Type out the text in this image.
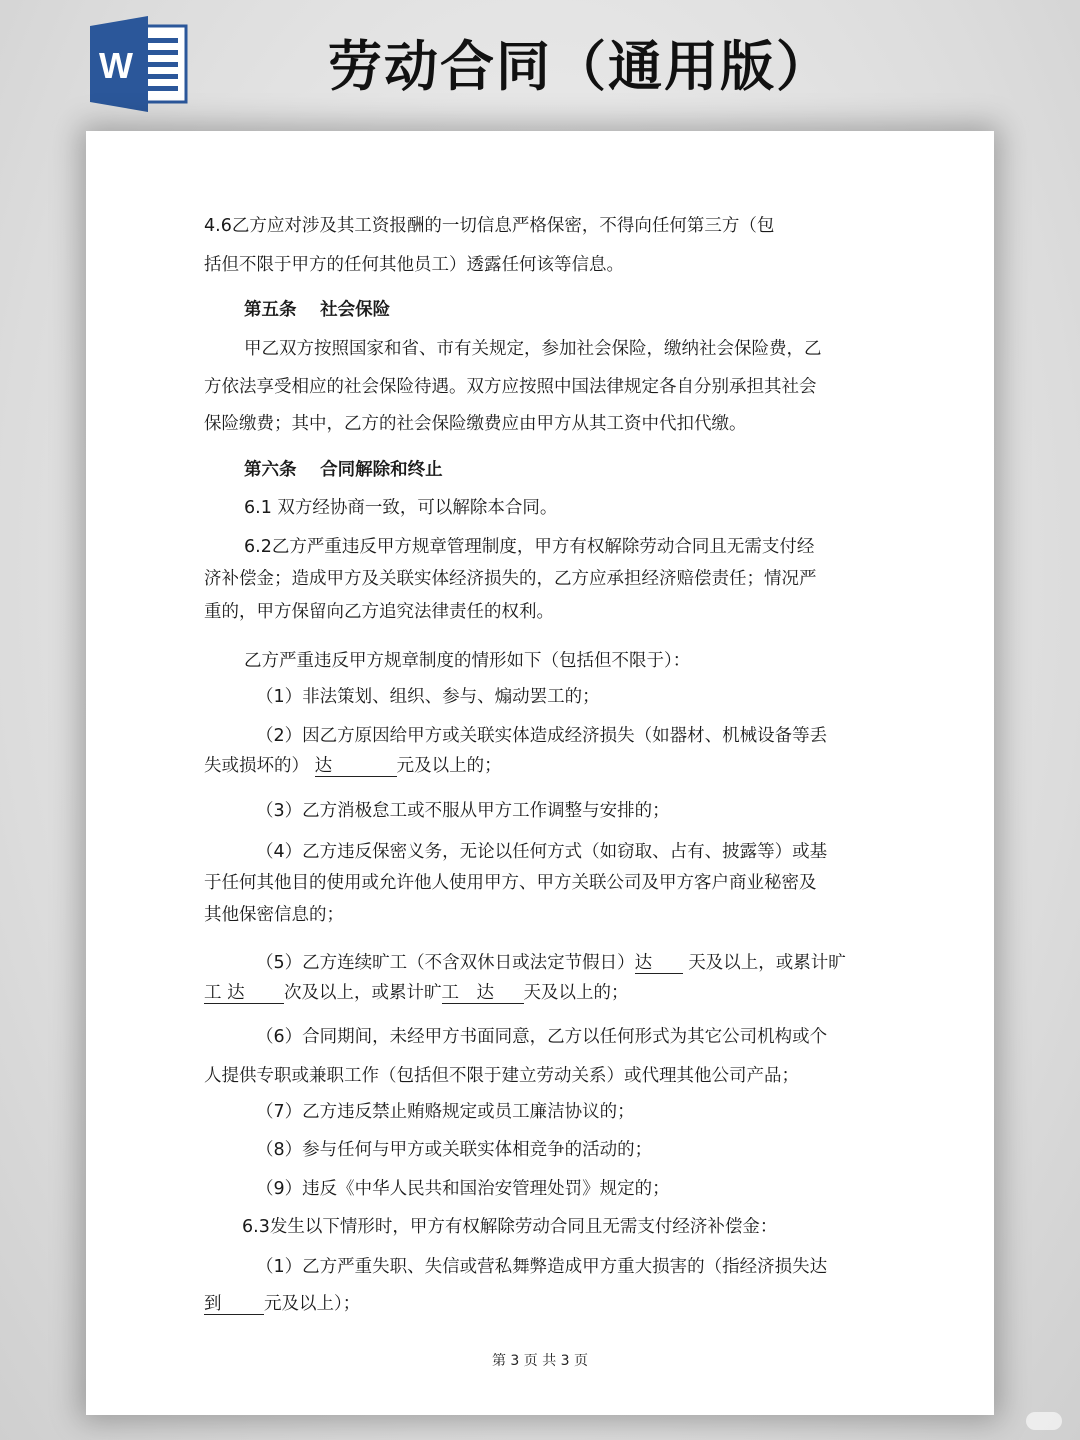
W	劳动合同（通用版）
4.6乙方应对涉及其工资报酬的一切信息严格保密，不得向任何第三方（包
括但不限于甲方的任何其他员工）透露任何该等信息。
第五条　 社会保险
甲乙双方按照国家和省、市有关规定，参加社会保险，缴纳社会保险费，乙
方依法享受相应的社会保险待遇。双方应按照中国法律规定各自分别承担其社会
保险缴费；其中，乙方的社会保险缴费应由甲方从其工资中代扣代缴。
第六条　 合同解除和终止
6.1 双方经协商一致，可以解除本合同。
6.2乙方严重违反甲方规章管理制度，甲方有权解除劳动合同且无需支付经
济补偿金；造成甲方及关联实体经济损失的，乙方应承担经济赔偿责任；情况严
重的，甲方保留向乙方追究法律责任的权利。
乙方严重违反甲方规章制度的情形如下（包括但不限于）：
（1）非法策划、组织、参与、煽动罢工的；
（2）因乙方原因给甲方或关联实体造成经济损失（如器材、机械设备等丢
失或损坏的） 达	元及以上的；
（3）乙方消极怠工或不服从甲方工作调整与安排的；
（4）乙方违反保密义务，无论以任何方式（如窃取、占有、披露等）或基
于任何其他目的使用或允许他人使用甲方、甲方关联公司及甲方客户商业秘密及
其他保密信息的；
（5）乙方连续旷工（不含双休日或法定节假日）达 天及以上，或累计旷
工 达 次及以上，或累计旷工　达 天及以上的；
（6）合同期间，未经甲方书面同意，乙方以任何形式为其它公司机构或个
人提供专职或兼职工作（包括但不限于建立劳动关系）或代理其他公司产品；
（7）乙方违反禁止贿赂规定或员工廉洁协议的；
（8）参与任何与甲方或关联实体相竞争的活动的；
（9）违反《中华人民共和国治安管理处罚》规定的；
6.3发生以下情形时，甲方有权解除劳动合同且无需支付经济补偿金：
（1）乙方严重失职、失信或营私舞弊造成甲方重大损害的（指经济损失达
到 元及以上）；
第 3 页 共 3 页
